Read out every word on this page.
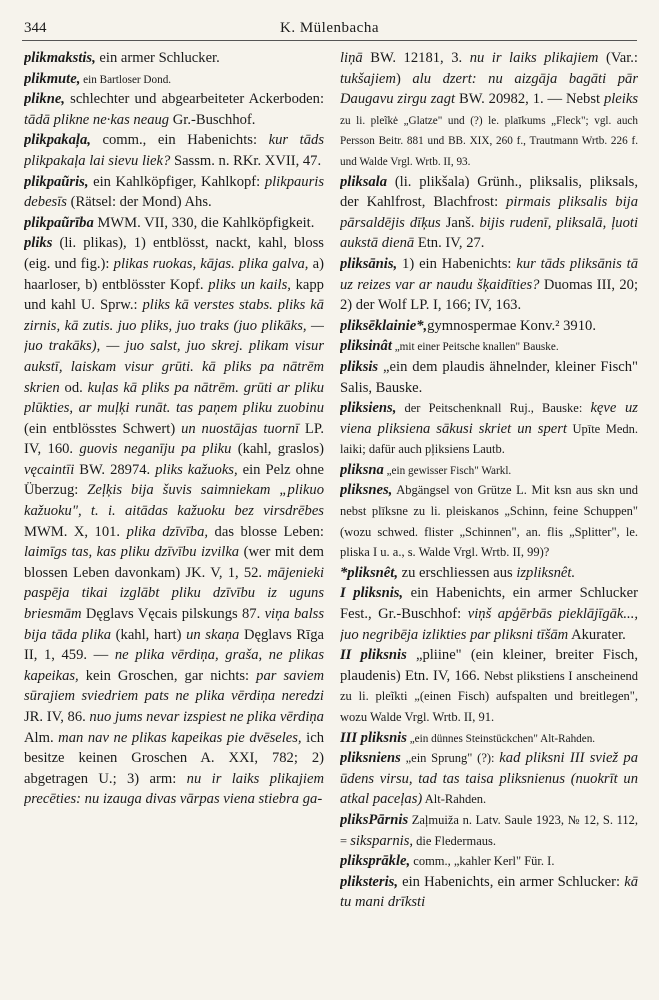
344	K. Mülenbacha

plikmakstis, ein armer Schlucker.

plikmute, ein Bartloser Dond.

plikne, schlechter und abgearbeiteter Ackerboden: tādā plikne ne·kas neaug Gr.-Buschhof.

plikpakaļa, comm., ein Habenichts: kur tāds plikpakaļa lai sievu liek? Sassm. n. RKr. XVII, 47.

plikpaũris, ein Kahlköpfiger, Kahlkopf: plikpauris debesīs (Rätsel: der Mond) Ahs.

plikpaũrība MWM. VII, 330, die Kahlköpfigkeit.

pliks (li. plikas), 1) entblösst, nackt, kahl, bloss (eig. und fig.): plikas ruokas, kājas. plika galva, a) haarloser, b) entblösster Kopf. pliks un kails, kapp und kahl U. Sprw.: pliks kā verstes stabs. pliks kā zirnis, kā zutis. juo pliks, juo traks (juo plikāks, — juo trakāks), — juo salst, juo skrej. plikam visur aukstī, laiskam visur grūti. kā pliks pa nātrēm skrien od. kuļas kā pliks pa nātrēm. grūti ar pliku plūkties, ar muļķi runāt. tas paņem pliku zuobinu (ein entblösstes Schwert) un nuostājas tuornī LP. IV, 160. guovis neganīju pa pliku (kahl, graslos) vęcaintīi BW. 28974. pliks kažuoks, ein Pelz ohne Überzug: Zeļķis bija šuvis saimniekam „plikuo kažuoku", t. i. aitādas kažuoku bez virsdrēbes MWM. X, 101. plika dzīvība, das blosse Leben: laimīgs tas, kas pliku dzīvību izvilka (wer mit dem blossen Leben davonkam) JK. V, 1, 52. mājenieki paspēja tikai izglābt pliku dzīvību iz uguns briesmām Dęglavs Vęcais pilskungs 87. viņa balss bija tāda plika (kahl, hart) un skaņa Dęglavs Rīga II, 1, 459. — ne plika vērdiņa, graša, ne plikas kapeikas, kein Groschen, gar nichts: par saviem sūrajiem sviedriem pats ne plika vērdiņa neredzi JR. IV, 86. nuo jums nevar izspiest ne plika vērdiņa Alm. man nav ne plikas kapeikas pie dvēseles, ich besitze keinen Groschen A. XXI, 782; 2) abgetragen U.; 3) arm: nu ir laiks plikajiem precēties: nu izauga divas vārpas viena stiebra ga-

liņā BW. 12181, 3. nu ir laiks plikajiem (Var.: tukšajiem) alu dzert: nu aizgāja bagāti pār Daugavu zirgu zagt BW. 20982, 1. — Nebst pleiks zu li. pleĩkė „Glatze" und (?) le. plaīkums „Fleck"; vgl. auch Persson Beitr. 881 und BB. XIX, 260 f., Trautmann Wrtb. 226 f. und Walde Vrgl. Wrtb. II, 93.

pliksala (li. plikšala) Grünh., pliksalis, pliksals, der Kahlfrost, Blachfrost: pirmais pliksalis bija pārsaldējis dīķus Janš. bijis rudenī, pliksalā, ļuoti aukstā dienā Etn. IV, 27.

pliksānis, 1) ein Habenichts: kur tāds pliksānis tā uz reizes var ar naudu šķaidīties? Duomas III, 20; 2) der Wolf LP. I, 166; IV, 163.

pliksēklainie*,gymnospermae Konv.² 3910.

pliksinât „mit einer Peitsche knallen" Bauske.

pliksis „ein dem plaudis ähnelnder, kleiner Fisch" Salis, Bauske.

pliksiens, der Peitschenknall Ruj., Bauske: kęve uz viena pliksiena sākusi skriet un spert Upīte Medn. laiki; dafür auch pļiksiens Lautb.

pliksna „ein gewisser Fisch" Warkl.

pliksnes, Abgängsel von Grütze L. Mit ksn aus skn und nebst plīksne zu li. pleiskanos „Schinn, feine Schuppen" (wozu schwed. flister „Schinnen", an. flis „Splitter", le. pliska I u. a., s. Walde Vrgl. Wrtb. II, 99)?

*pliksnêt, zu erschliessen aus izpliksnêt.

I pliksnis, ein Habenichts, ein armer Schlucker Fest., Gr.-Buschhof: viņš apģērbās pieklājīgāk..., juo negribēja izlikties par pliksni tīšām Akurater.

II pliksnis „pliine" (ein kleiner, breiter Fisch, plaudenis) Etn. IV, 166. Nebst plikstiens I anscheinend zu li. pleĩkti „(einen Fisch) aufspalten und breitlegen", wozu Walde Vrgl. Wrtb. II, 91.

III pliksnis „ein dünnes Steinstückchen" Alt-Rahden.

pliksniens „ein Sprung" (?): kad pliksni III sviež pa ūdens virsu, tad tas taisa pliksnienus (nuokrīt un atkal paceļas) Alt-Rahden.

pliksPārnis Zaļmuiža n. Latv. Saule 1923, № 12, S. 112, = siksparnis, die Fledermaus.

pliksprākle, comm., „kahler Kerl" Für. I.

pliksteris, ein Habenichts, ein armer Schlucker: kā tu mani drīksti
